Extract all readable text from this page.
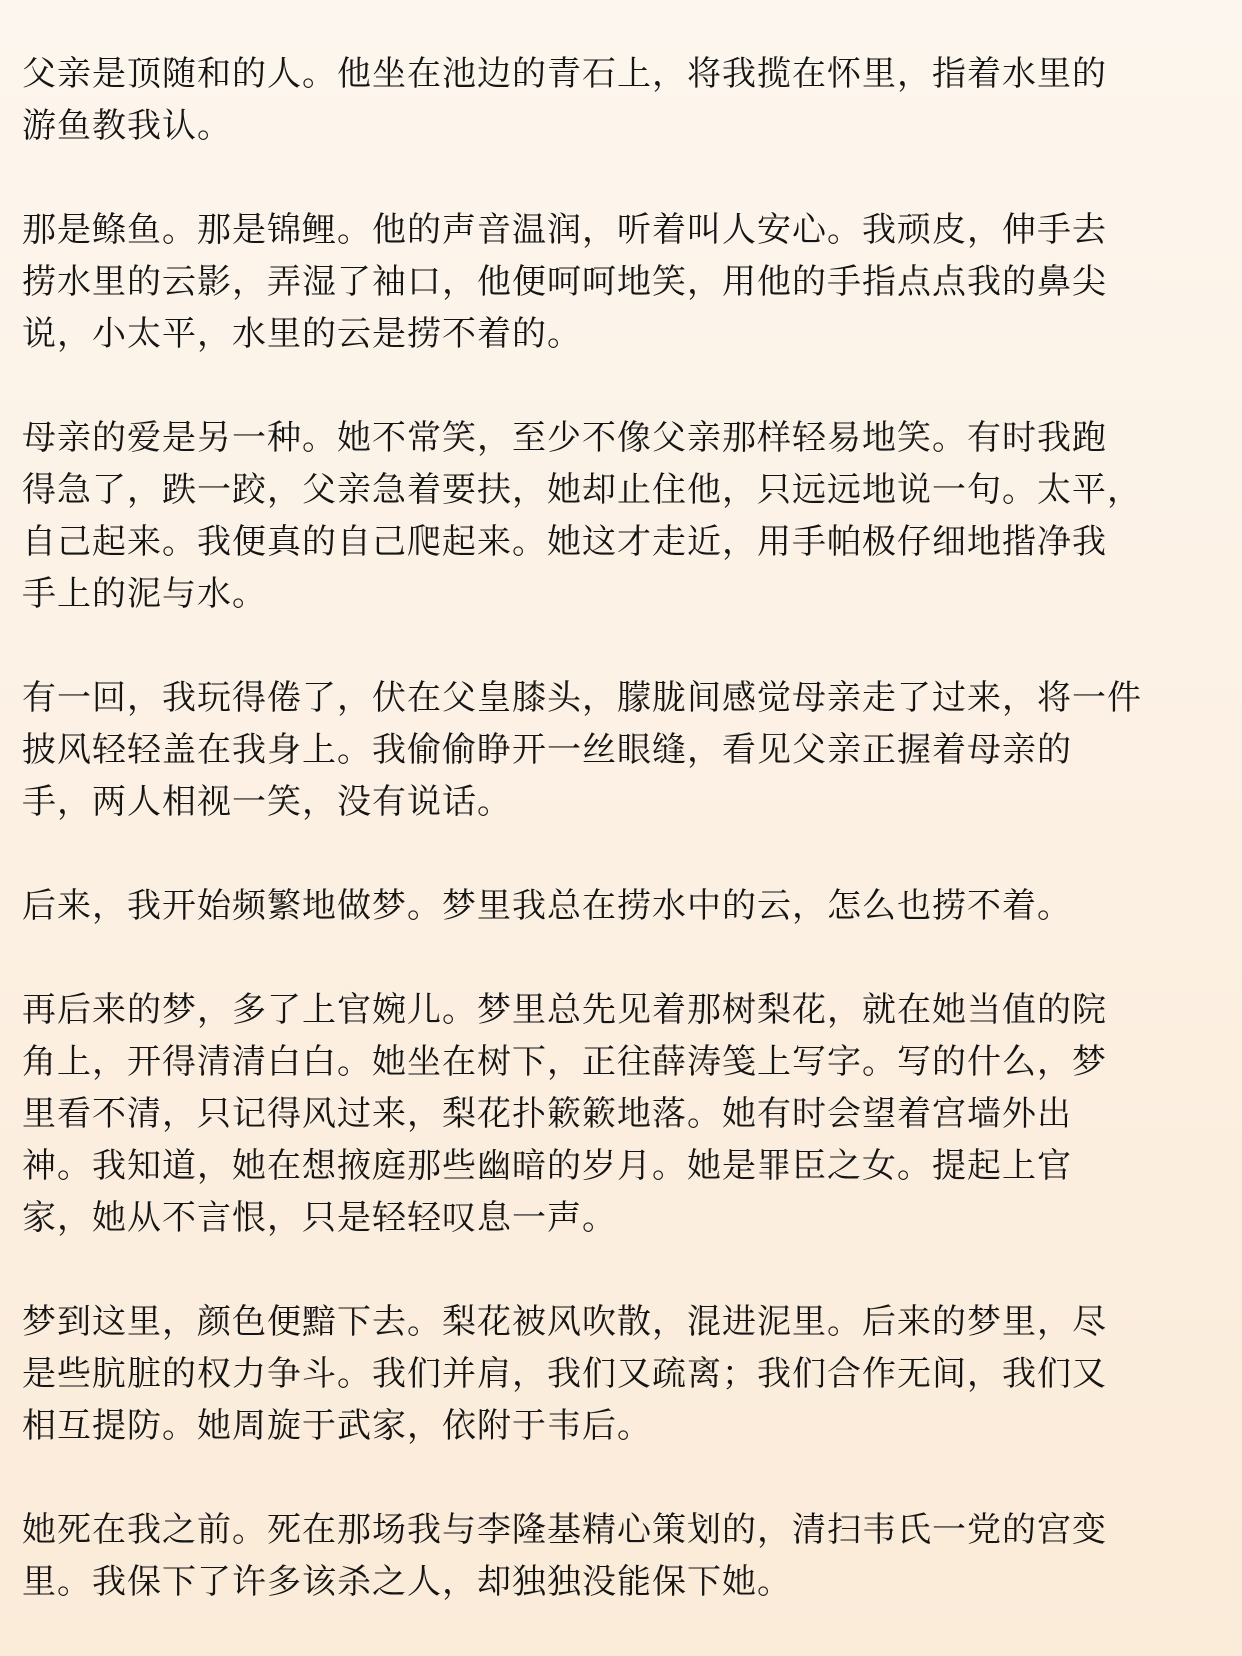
父亲是顶随和的人。他坐在池边的青石上，将我揽在怀里，指着水里的
游鱼教我认。

那是鲦鱼。那是锦鲤。他的声音温润，听着叫人安心。我顽皮，伸手去
捞水里的云影，弄湿了袖口，他便呵呵地笑，用他的手指点点我的鼻尖
说，小太平，水里的云是捞不着的。

母亲的爱是另一种。她不常笑，至少不像父亲那样轻易地笑。有时我跑
得急了，跌一跤，父亲急着要扶，她却止住他，只远远地说一句。太平，
自己起来。我便真的自己爬起来。她这才走近，用手帕极仔细地揩净我
手上的泥与水。

有一回，我玩得倦了，伏在父皇膝头，朦胧间感觉母亲走了过来，将一件
披风轻轻盖在我身上。我偷偷睁开一丝眼缝，看见父亲正握着母亲的
手，两人相视一笑，没有说话。

后来，我开始频繁地做梦。梦里我总在捞水中的云，怎么也捞不着。

再后来的梦，多了上官婉儿。梦里总先见着那树梨花，就在她当值的院
角上，开得清清白白。她坐在树下，正往薛涛笺上写字。写的什么，梦
里看不清，只记得风过来，梨花扑簌簌地落。她有时会望着宫墙外出
神。我知道，她在想掖庭那些幽暗的岁月。她是罪臣之女。提起上官
家，她从不言恨，只是轻轻叹息一声。

梦到这里，颜色便黯下去。梨花被风吹散，混进泥里。后来的梦里，尽
是些肮脏的权力争斗。我们并肩，我们又疏离；我们合作无间，我们又
相互提防。她周旋于武家，依附于韦后。

她死在我之前。死在那场我与李隆基精心策划的，清扫韦氏一党的宫变
里。我保下了许多该杀之人，却独独没能保下她。
